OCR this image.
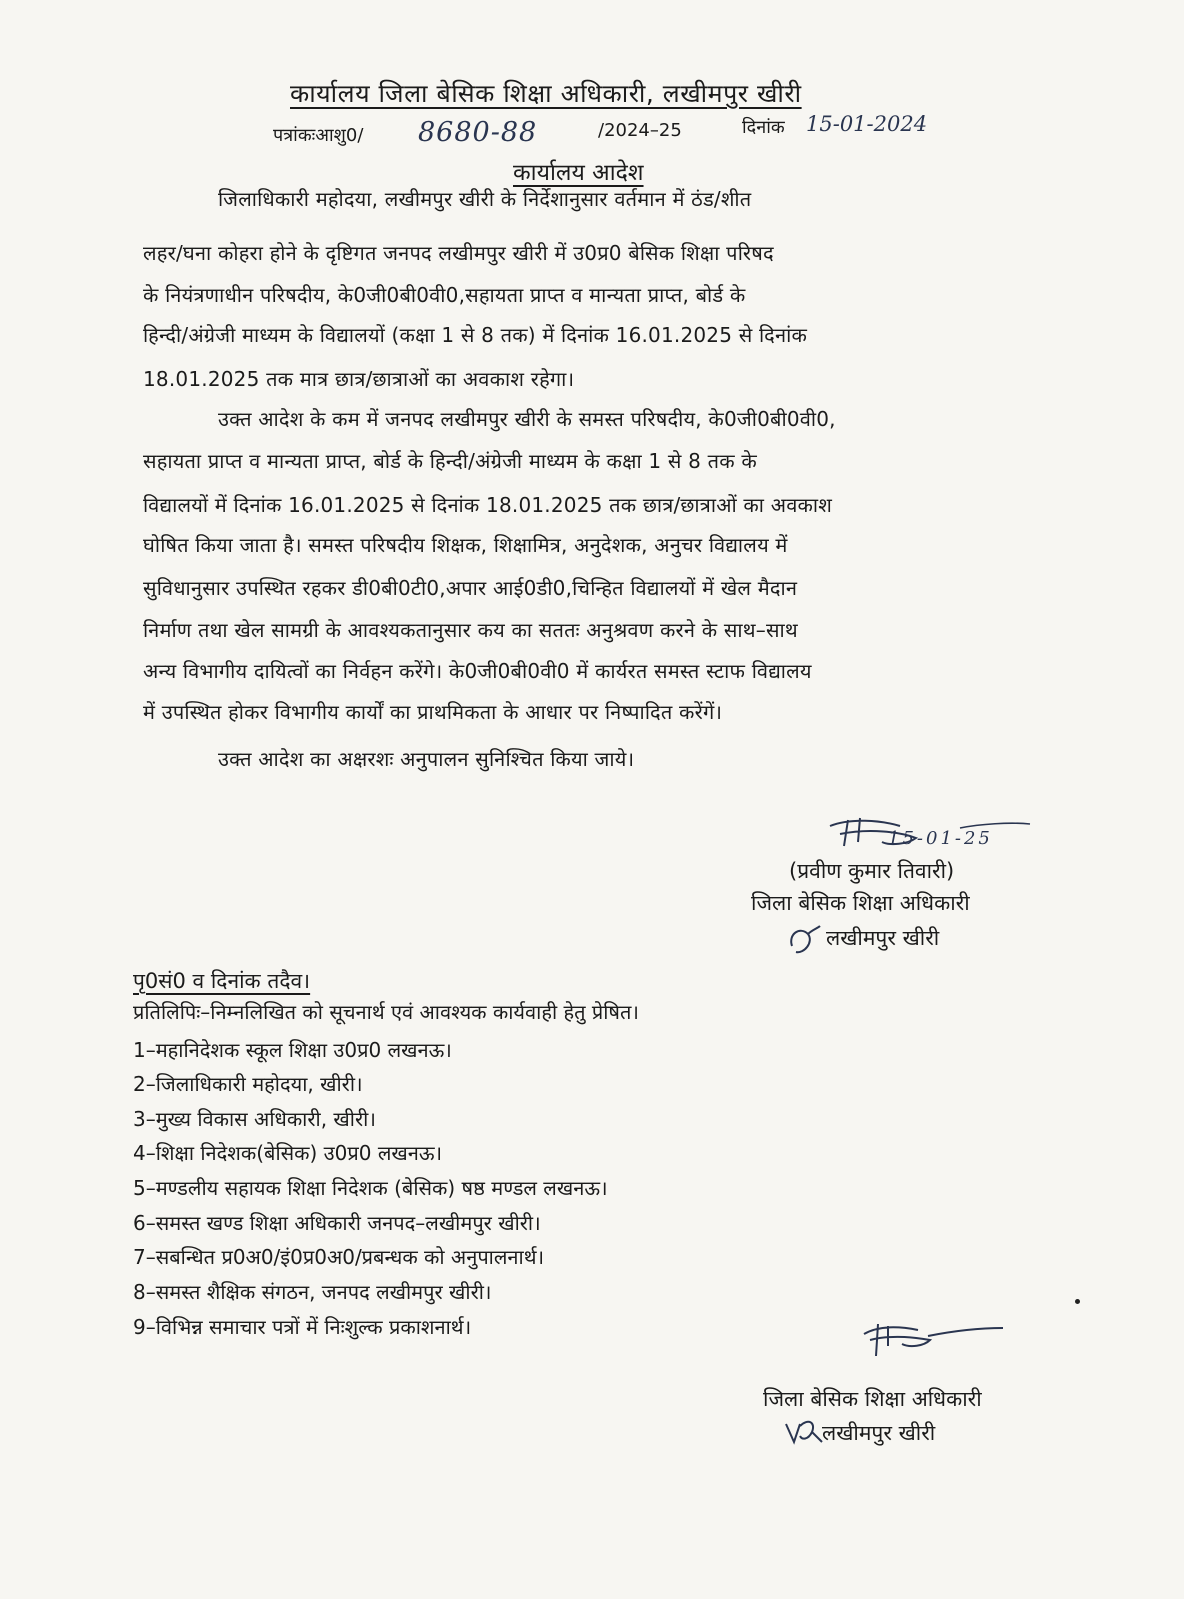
कार्यालय जिला बेसिक शिक्षा अधिकारी, लखीमपुर खीरी
पत्रांकःआशु0/ 8680-88	/2024–25	दिनांक 15-01-2024
कार्यालय आदेश
जिलाधिकारी महोदया, लखीमपुर खीरी के निर्देशानुसार वर्तमान में ठंड/शीत
लहर/घना कोहरा होने के दृष्टिगत जनपद लखीमपुर खीरी में उ0प्र0 बेसिक शिक्षा परिषद
के नियंत्रणाधीन परिषदीय, के0जी0बी0वी0,सहायता प्राप्त व मान्यता प्राप्त, बोर्ड के
हिन्दी/अंग्रेजी माध्यम के विद्यालयों (कक्षा 1 से 8 तक) में दिनांक 16.01.2025 से दिनांक
18.01.2025 तक मात्र छात्र/छात्राओं का अवकाश रहेगा।
उक्त आदेश के कम में जनपद लखीमपुर खीरी के समस्त परिषदीय, के0जी0बी0वी0,
सहायता प्राप्त व मान्यता प्राप्त, बोर्ड के हिन्दी/अंग्रेजी माध्यम के कक्षा 1 से 8 तक के
विद्यालयों में दिनांक 16.01.2025 से दिनांक 18.01.2025 तक छात्र/छात्राओं का अवकाश
घोषित किया जाता है। समस्त परिषदीय शिक्षक, शिक्षामित्र, अनुदेशक, अनुचर विद्यालय में
सुविधानुसार उपस्थित रहकर डी0बी0टी0,अपार आई0डी0,चिन्हित विद्यालयों में खेल मैदान
निर्माण तथा खेल सामग्री के आवश्यकतानुसार कय का सततः अनुश्रवण करने के साथ–साथ
अन्य विभागीय दायित्वों का निर्वहन करेंगे। के0जी0बी0वी0 में कार्यरत समस्त स्टाफ विद्यालय
में उपस्थित होकर विभागीय कार्यों का प्राथमिकता के आधार पर निष्पादित करेंगें।
उक्त आदेश का अक्षरशः अनुपालन सुनिश्चित किया जाये।
15-01-25
(प्रवीण कुमार तिवारी)
जिला बेसिक शिक्षा अधिकारी
लखीमपुर खीरी
पृ0सं0 व दिनांक तदैव।
प्रतिलिपिः–निम्नलिखित को सूचनार्थ एवं आवश्यक कार्यवाही हेतु प्रेषित।
1–महानिदेशक स्कूल शिक्षा उ0प्र0 लखनऊ।
2–जिलाधिकारी महोदया, खीरी।
3–मुख्य विकास अधिकारी, खीरी।
4–शिक्षा निदेशक(बेसिक) उ0प्र0 लखनऊ।
5–मण्डलीय सहायक शिक्षा निदेशक (बेसिक) षष्ठ मण्डल लखनऊ।
6–समस्त खण्ड शिक्षा अधिकारी जनपद–लखीमपुर खीरी।
7–सबन्धित प्र0अ0/इं0प्र0अ0/प्रबन्धक को अनुपालनार्थ।
8–समस्त शैक्षिक संगठन, जनपद लखीमपुर खीरी।
9–विभिन्न समाचार पत्रों में निःशुल्क प्रकाशनार्थ।
जिला बेसिक शिक्षा अधिकारी
लखीमपुर खीरी
